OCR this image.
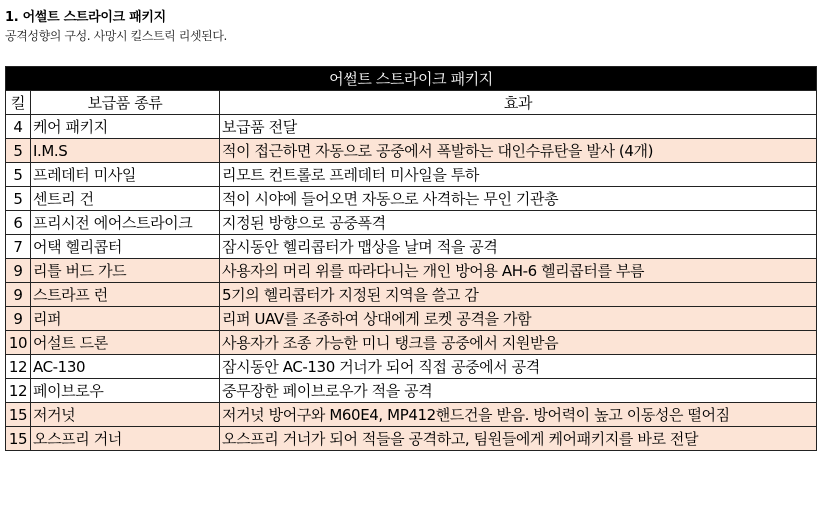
1. 어썰트 스트라이크 패키지
공격성향의 구성. 사망시 킬스트릭 리셋된다.
어썰트 스트라이크 패키지		
킬	보급품 종류	효과
4	케어 패키지	보급품 전달
5	I.M.S	적이 접근하면 자동으로 공중에서 폭발하는 대인수류탄을 발사 (4개)
5	프레데터 미사일	리모트 컨트롤로 프레데터 미사일을 투하
5	센트리 건	적이 시야에 들어오면 자동으로 사격하는 무인 기관총
6	프리시전 에어스트라이크	지정된 방향으로 공중폭격
7	어택 헬리콥터	잠시동안 헬리콥터가 맵상을 날며 적을 공격
9	리틀 버드 가드	사용자의 머리 위를 따라다니는 개인 방어용 AH-6 헬리콥터를 부름
9	스트라프 런	5기의 헬리콥터가 지정된 지역을 쓸고 감
9	리퍼	리퍼 UAV를 조종하여 상대에게 로켓 공격을 가함
10	어설트 드론	사용자가 조종 가능한 미니 탱크를 공중에서 지원받음
12	AC-130	잠시동안 AC-130 거너가 되어 직접 공중에서 공격
12	페이브로우	중무장한 페이브로우가 적을 공격
15	저거넛	저거넛 방어구와 M60E4, MP412핸드건을 받음. 방어력이 높고 이동성은 떨어짐
15	오스프리 거너	오스프리 거너가 되어 적들을 공격하고, 팀원들에게 케어패키지를 바로 전달
